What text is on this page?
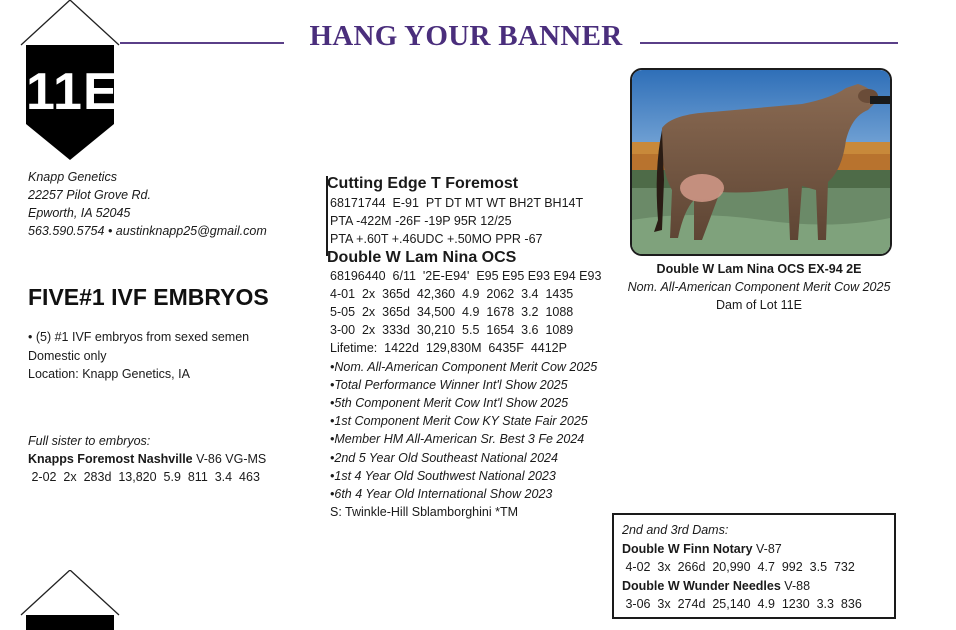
HANG YOUR BANNER
11E
Knapp Genetics
22257 Pilot Grove Rd.
Epworth, IA 52045
563.590.5754 • austinknapp25@gmail.com
FIVE#1 IVF EMBRYOS
• (5) #1 IVF embryos from sexed semen
Domestic only
Location: Knapp Genetics, IA
Full sister to embryos:
Knapps Foremost Nashville V-86 VG-MS
2-02  2x  283d  13,820  5.9  811  3.4  463
Cutting Edge T Foremost
68171744  E-91  PT DT MT WT BH2T BH14T
PTA -422M -26F -19P 95R 12/25
PTA +.60T +.46UDC +.50MO PPR -67
Double W Lam Nina OCS
68196440  6/11  '2E-E94'  E95 E95 E93 E94 E93
4-01  2x  365d  42,360  4.9  2062  3.4  1435
5-05  2x  365d  34,500  4.9  1678  3.2  1088
3-00  2x  333d  30,210  5.5  1654  3.6  1089
Lifetime:  1422d  129,830M  6435F  4412P
•Nom. All-American Component Merit Cow 2025
•Total Performance Winner Int'l Show 2025
•5th Component Merit Cow Int'l Show 2025
•1st Component Merit Cow KY State Fair 2025
•Member HM All-American Sr. Best 3 Fe 2024
•2nd 5 Year Old Southeast National 2024
•1st 4 Year Old Southwest National 2023
•6th 4 Year Old International Show 2023
S: Twinkle-Hill Sblamborghini *TM
Double W Lam Nina OCS EX-94 2E
Nom. All-American Component Merit Cow 2025
Dam of Lot 11E
2nd and 3rd Dams:
Double W Finn Notary V-87
4-02  3x  266d  20,990  4.7  992  3.5  732
Double W Wunder Needles V-88
3-06  3x  274d  25,140  4.9  1230  3.3  836
